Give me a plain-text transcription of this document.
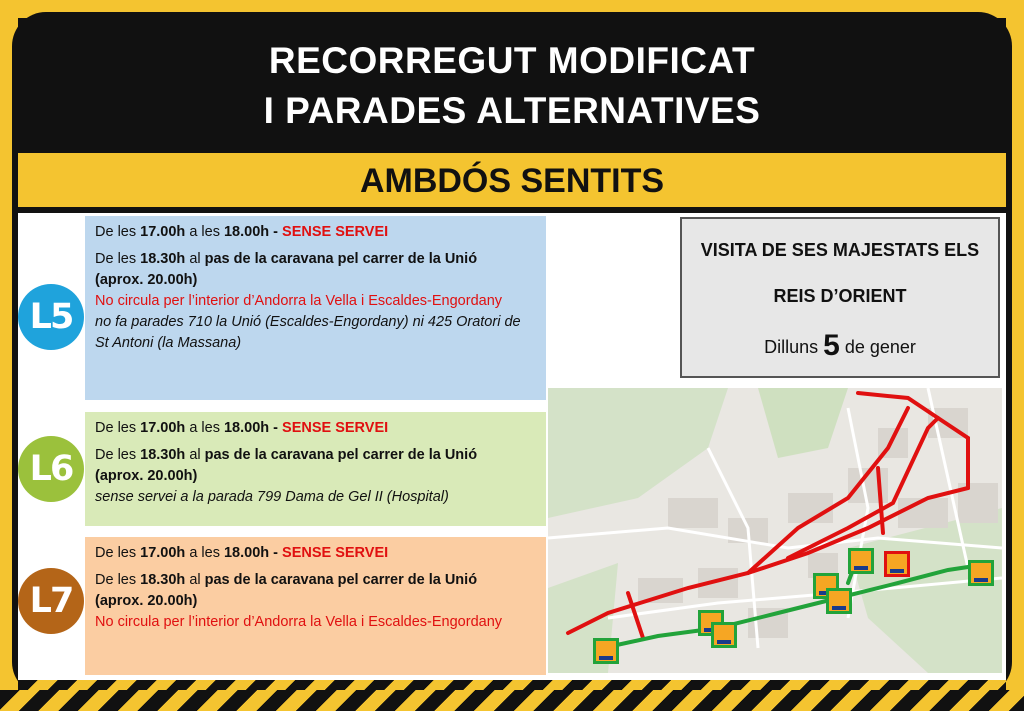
RECORREGUT MODIFICAT
I PARADES ALTERNATIVES
AMBDÓS SENTITS
L5

De les 17.00h a les 18.00h - SENSE SERVEI

De les 18.30h al pas de la caravana pel carrer de la Unió
(aprox. 20.00h)

No circula per l’interior d’Andorra la Vella i Escaldes-Engordany

no fa parades 710 la Unió (Escaldes-Engordany) ni 425 Oratori de St Antoni (la Massana)

L6

De les 17.00h a les 18.00h - SENSE SERVEI

De les 18.30h al pas de la caravana pel carrer de la Unió
(aprox. 20.00h)

sense servei a la parada 799 Dama de Gel II (Hospital)

L7

De les 17.00h a les 18.00h - SENSE SERVEI

De les 18.30h al pas de la caravana pel carrer de la Unió
(aprox. 20.00h)

No circula per l’interior d’Andorra la Vella i Escaldes-Engordany

VISITA DE SES MAJESTATS ELS
REIS D’ORIENT
Dilluns 5 de gener
